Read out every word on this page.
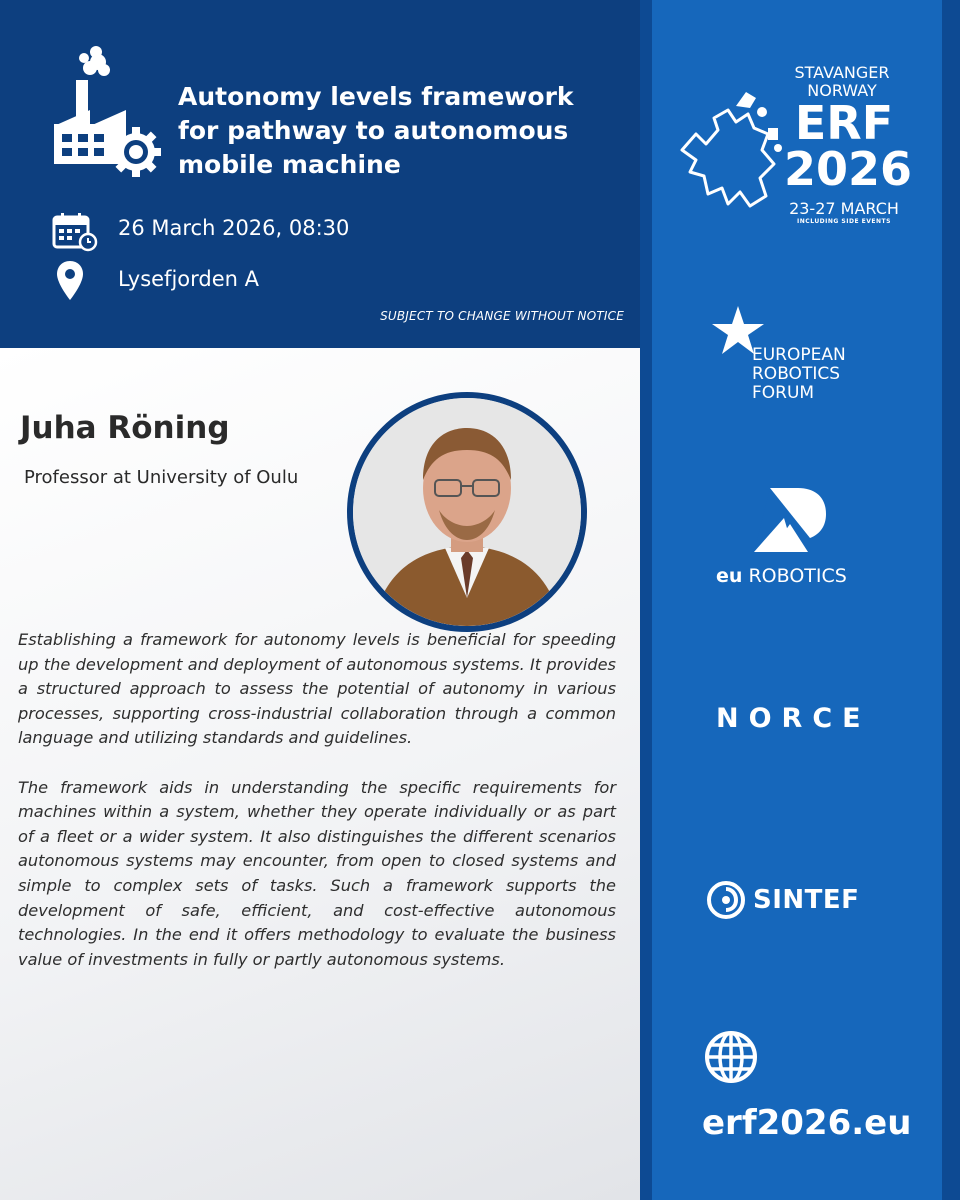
Autonomy levels framework for pathway to autonomous mobile machine
26 March 2026, 08:30
Lysefjorden A
SUBJECT TO CHANGE WITHOUT NOTICE
Juha Röning
Professor at University of Oulu

Establishing a framework for autonomy levels is beneficial for speeding up the development and deployment of autonomous systems. It provides a structured approach to assess the potential of autonomy in various processes, supporting cross-industrial collaboration through a common language and utilizing standards and guidelines.

The framework aids in understanding the specific requirements for machines within a system, whether they operate individually or as part of a fleet or a wider system. It also distinguishes the different scenarios autonomous systems may encounter, from open to closed systems and simple to complex sets of tasks. Such a framework supports the development of safe, efficient, and cost-effective autonomous technologies. In the end it offers methodology to evaluate the business value of investments in fully or partly autonomous systems.

STAVANGER
NORWAY
ERF
2026
23-27 MARCH
INCLUDING SIDE EVENTS
EUROPEAN
ROBOTICS
FORUM
eu ROBOTICS
NORCE
SINTEF
erf2026.eu
